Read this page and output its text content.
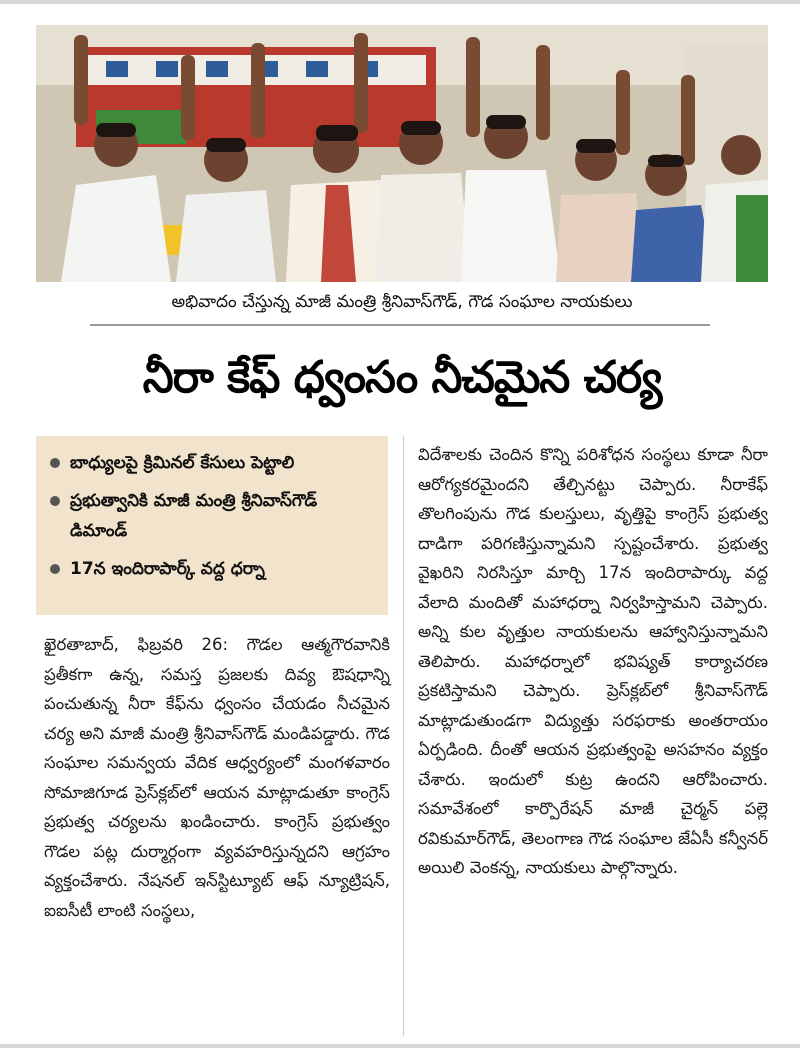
అభివాదం చేస్తున్న మాజీ మంత్రి శ్రీనివాస్‌గౌడ్‌, గౌడ సంఘాల నాయకులు
నీరా కేఫ్‌ ధ్వంసం నీచమైన చర్య
బాధ్యులపై క్రిమినల్‌ కేసులు పెట్టాలి
ప్రభుత్వానికి మాజీ మంత్రి శ్రీనివాస్‌గౌడ్‌ డిమాండ్‌
17న ఇందిరాపార్క్‌ వద్ద ధర్నా
ఖైరతాబాద్‌, ఫిబ్రవరి 26: గౌడల ఆత్మగౌరవానికి ప్రతీకగా ఉన్న, సమస్త ప్రజలకు దివ్య ఔషధాన్ని పంచుతున్న నీరా కేఫ్‌ను ధ్వంసం చేయడం నీచమైన చర్య అని మాజీ మంత్రి శ్రీనివాస్‌గౌడ్‌ మండిపడ్డారు. గౌడ సంఘాల సమన్వయ వేదిక ఆధ్వర్యంలో మంగళవారం సోమాజిగూడ ప్రెస్‌క్లబ్‌లో ఆయన మాట్లాడుతూ కాంగ్రెస్‌ ప్రభుత్వ చర్యలను ఖండించారు. కాంగ్రెస్‌ ప్రభుత్వం గౌడల పట్ల దుర్మార్గంగా వ్యవహరిస్తున్నదని ఆగ్రహం వ్యక్తంచేశారు. నేషనల్‌ ఇన్‌స్టిట్యూట్‌ ఆఫ్‌ న్యూట్రిషన్‌, ఐఐసీటీ లాంటి సంస్థలు,
విదేశాలకు చెందిన కొన్ని పరిశోధన సంస్థలు కూడా నీరా ఆరోగ్యకరమైందని తేల్చినట్టు చెప్పారు. నీరాకేఫ్‌ తొలగింపును గౌడ కులస్తులు, వృత్తిపై కాంగ్రెస్‌ ప్రభుత్వ దాడిగా పరిగణిస్తున్నామని స్పష్టంచేశారు. ప్రభుత్వ వైఖరిని నిరసిస్తూ మార్చి 17న ఇందిరాపార్కు వద్ద వేలాది మందితో మహాధర్నా నిర్వహిస్తామని చెప్పారు. అన్ని కుల వృత్తుల నాయకులను ఆహ్వానిస్తున్నామని తెలిపారు. మహాధర్నాలో భవిష్యత్‌ కార్యాచరణ ప్రకటిస్తామని చెప్పారు. ప్రెస్‌క్లబ్‌లో శ్రీనివాస్‌గౌడ్‌ మాట్లాడుతుండగా విద్యుత్తు సరఫరాకు అంతరాయం ఏర్పడింది. దీంతో ఆయన ప్రభుత్వంపై అసహనం వ్యక్తం చేశారు. ఇందులో కుట్ర ఉందని ఆరోపించారు. సమావేశంలో కార్పొరేషన్‌ మాజీ చైర్మన్‌ పల్లె రవికుమార్‌గౌడ్‌, తెలంగాణ గౌడ సంఘాల జేఏసీ కన్వీనర్‌ అయిలి వెంకన్న, నాయకులు పాల్గొన్నారు.
